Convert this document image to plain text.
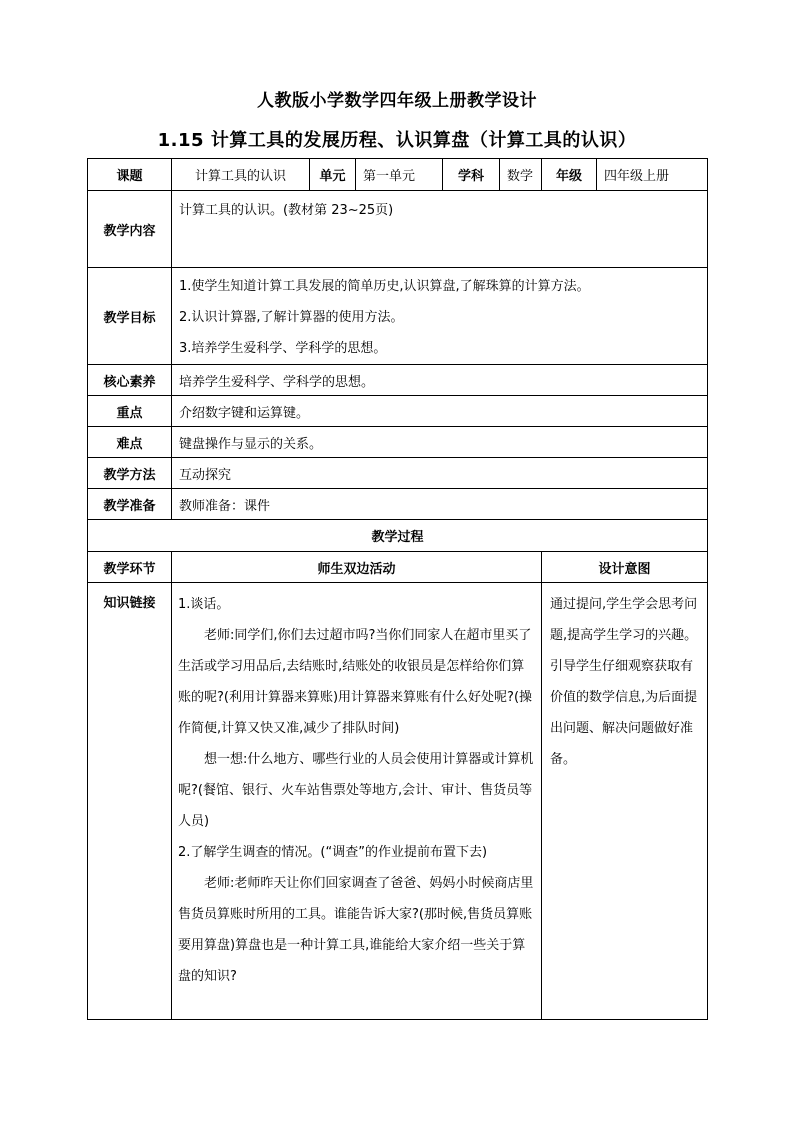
人教版小学数学四年级上册教学设计
1.15 计算工具的发展历程、认识算盘（计算工具的认识）
课题	计算工具的认识	单元	第一单元	学科	数学	年级	四年级上册
教学内容	计算工具的认识。(教材第 23~25页)						
教学目标	1.使学生知道计算工具发展的简单历史,认识算盘,了解珠算的计算方法。

2.认识计算器,了解计算器的使用方法。

3.培养学生爱科学、学科学的思想。						

核心素养	培养学生爱科学、学科学的思想。						
重点	介绍数字键和运算键。						
难点	键盘操作与显示的关系。						
教学方法	互动探究						
教学准备	教师准备：课件						
教学过程							
教学环节	师生双边活动					设计意图	
知识链接	1.谈话。

老师:同学们,你们去过超市吗?当你们同家人在超市里买了生活或学习用品后,去结账时,结账处的收银员是怎样给你们算账的呢?(利用计算器来算账)用计算器来算账有什么好处呢?(操作简便,计算又快又准,减少了排队时间)

想一想:什么地方、哪些行业的人员会使用计算器或计算机呢?(餐馆、银行、火车站售票处等地方,会计、审计、售货员等人员)

2.了解学生调查的情况。(“调查”的作业提前布置下去)

老师:老师昨天让你们回家调查了爸爸、妈妈小时候商店里售货员算账时所用的工具。谁能告诉大家?(那时候,售货员算账要用算盘)算盘也是一种计算工具,谁能给大家介绍一些关于算盘的知识?					通过提问,学生学会思考问题,提高学生学习的兴趣。引导学生仔细观察获取有价值的数学信息,为后面提出问题、解决问题做好准备。	
